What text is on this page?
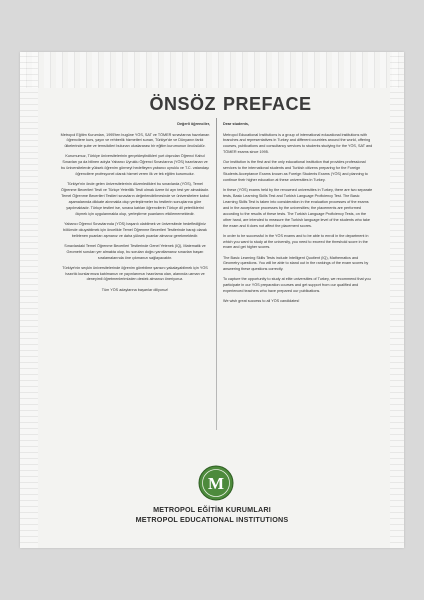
ÖNSÖZ PREFACE

Değerli öğrenciler,

Metropol Eğitim Kurumları, 1995'ten bugüne YÖS, SAT ve TÖMER sınavlarına hazırlanan öğrencilere kurs, yayın ve rehberlik hizmetleri sunan, Türkiye'de ve Dünyanın farklı ülkelerinde şube ve temsilcileri bulunan uluslararası bir eğitim kurumunun öncüsüdür.

Kurumumuz, Türkiye üniversitelerinin gerçekleştirdikleri yurt dışından Öğrenci Kabul Sınavları ya da bilinen adıyla Yabancı Uyruklu Öğrenci Sınavlarına (YÖS) hazırlanan ve bu üniversitelerde yüksek öğrenim görmeyi hedefleyen yabancı uyruklu ve T.C. vatandaşı öğrencilere profesyonel olarak hizmet veren ilk ve tek eğitim kurumudur.

Türkiye'nin önde gelen üniversitelerinin düzenledikleri bu sınavlarda (YÖS), Temel Öğrenme Becerileri Testi ve Türkçe Yeterlilik Testi olmak üzere iki ayrı test yer almaktadır. Temel Öğrenme Becerileri Testleri sınavların değerlendirilmesinde ve üniversitelere kabul aşamalarında dikkate alınmakla olup yerleştirmeler bu testlerin sonuçlarına göre yapılmaktadır. Türkçe testleri ise, sınava katılan öğrencilerin Türkçe dil yeterliklerini ölçmek için uygulanmakla olup, yerleştirme puanlarını etkilememektedir.

Yabancı Öğrenci Sınavlarında (YÖS) başarılı olabilmek ve üniversitede hedeflediğiniz bölümde okuyabilmek için öncelikle Temel Öğrenme Becerileri Testlerinde barajı olarak belirlenen puanları aşmanız ve daha yüksek puanlar almanız gerekmektedir.

Sınavlardaki Temel Öğrenme Becerileri Testlerinde Genel Yetenek (IQ), Matematik ve Geometri soruları yer almakta olup, bu soruları doğru yanıtlamanız sınavları başarı sıralamalarında öne çıkmanızı sağlayacaktır.

Türkiye'nin seçkin üniversitelerinde öğrenim görebilme şansını yakalayabilmek için YÖS hazırlık kurslarımıza katılmanızı ve yayınlarımızı hazırlama olan, alanında uzman ve deneyimli öğretmenlerimizden destek almanızı öneriyoruz.

Tüm YÖS adaylarına başarılar diliyoruz!

Dear students,

Metropol Educational Institutions is a group of international educational institutions with branches and representatives in Turkey and different countries around the world, offering courses, publications and consultancy services to students studying for the YÖS, SAT and TÖMER exams since 1995.

Our institution is the first and the only educational institution that provides professional services to the international students and Turkish citizens preparing for the Foreign Students Acceptance Exams known as Foreign Students Exams (YÖS) and planning to continue their higher education at these universities in Turkey.

In these (YÖS) exams held by the renowned universities in Turkey, there are two separate tests, Basic Learning Skills Test and Turkish Language Proficiency Test. The Basic Learning Skills Test is taken into consideration in the evaluation processes of the exams and in the acceptance processes by the universities; the placements are performed according to the results of these tests. The Turkish Language Proficiency Tests, on the other hand, are intended to measure the Turkish language level of the students who take the exam and it does not affect the placement scores.

In order to be successful in the YÖS exams and to be able to enroll in the department in which you want to study at the university, you need to exceed the threshold score in the exam and get higher scores.

The Basic Learning Skills Tests include Intelligent Quotient (IQ), Mathematics and Geometry questions. You will be able to stand out in the rankings of the exam scores by answering these questions correctly.

To capture the opportunity to study at elite universities of Turkey, we recommend that you participate in our YÖS preparation courses and get support from our qualified and experienced teachers who have prepared our publications.

We wish great success to all YÖS candidates!

M
METROPOL EĞİTİM KURUMLARI
METROPOL EDUCATIONAL INSTITUTIONS
